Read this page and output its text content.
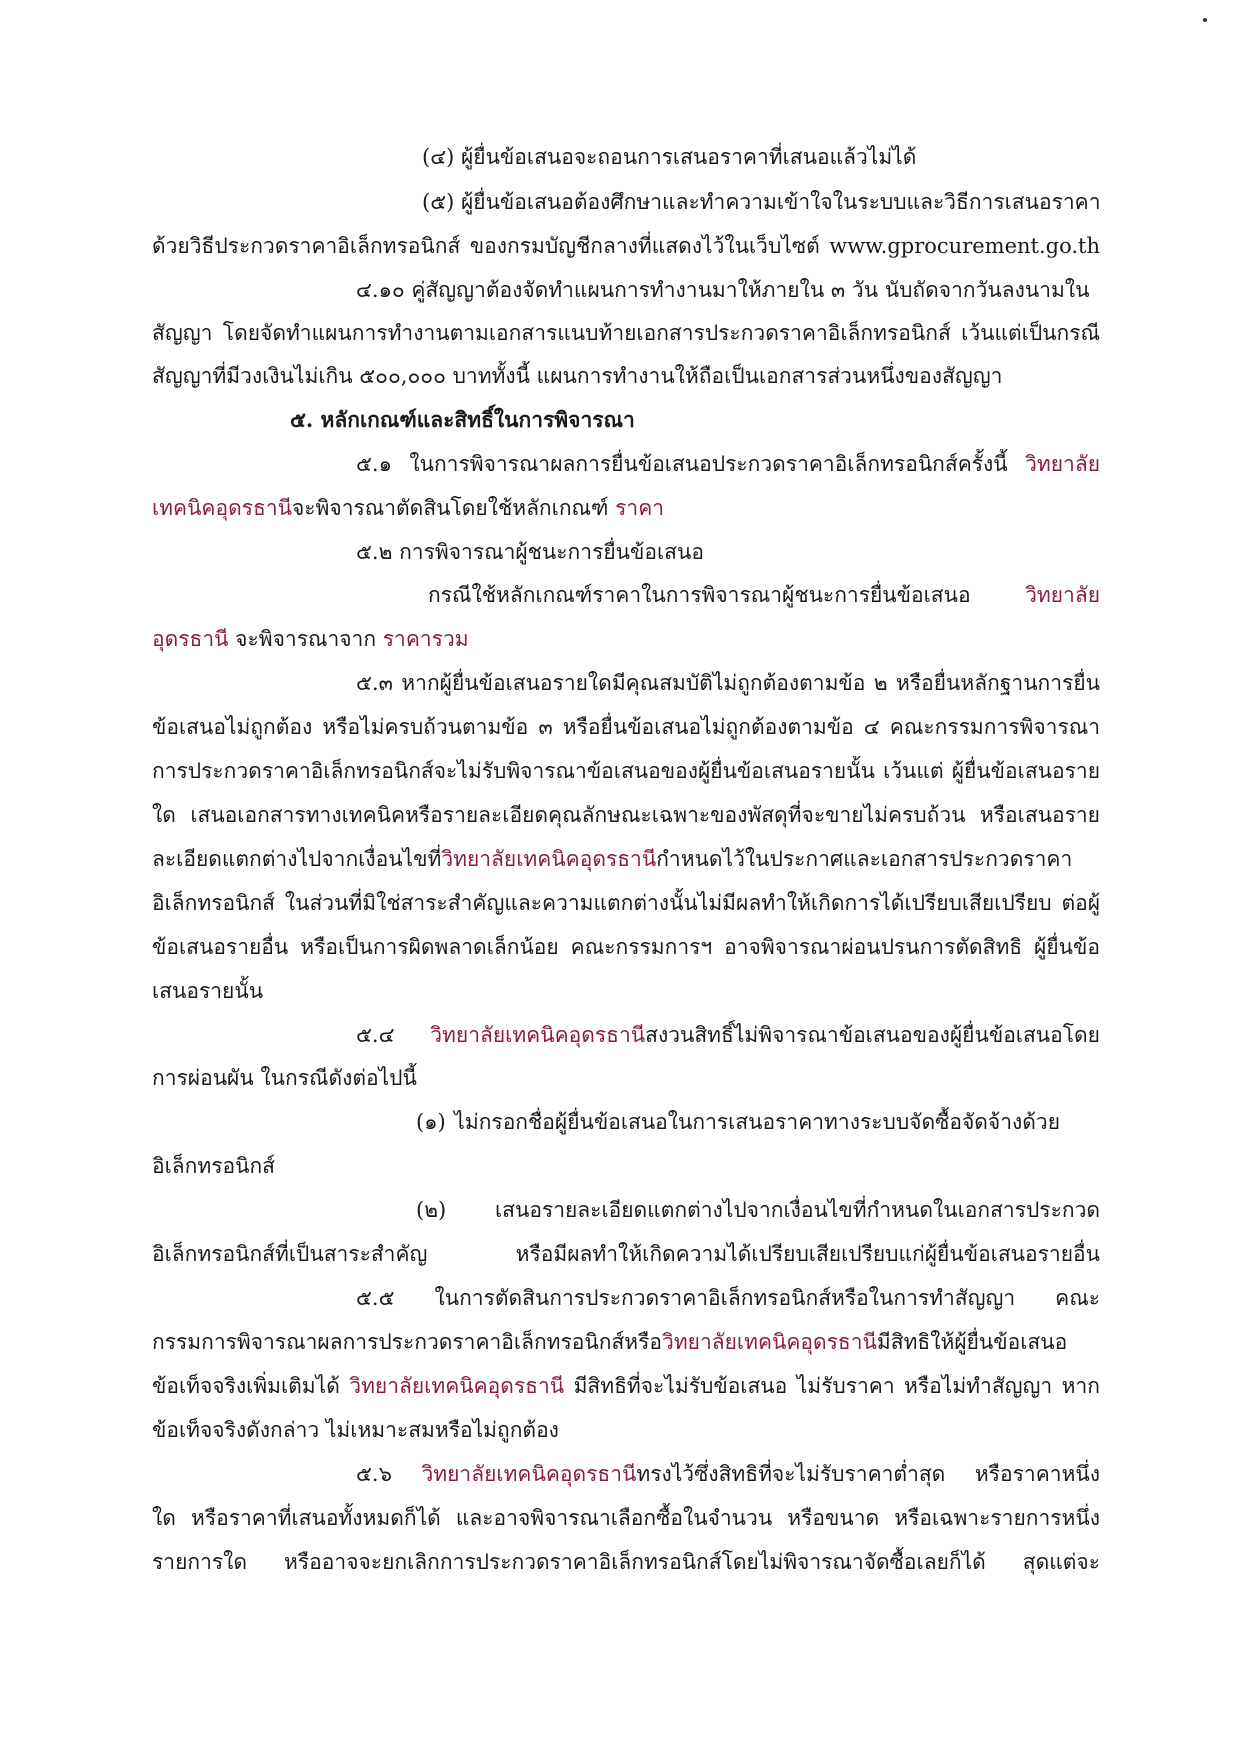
(๔) ผู้ยื่นข้อเสนอจะถอนการเสนอราคาที่เสนอแล้วไม่ได้
(๕) ผู้ยื่นข้อเสนอต้องศึกษาและทำความเข้าใจในระบบและวิธีการเสนอราคา
ด้วยวิธีประกวดราคาอิเล็กทรอนิกส์ ของกรมบัญชีกลางที่แสดงไว้ในเว็บไซต์ www.gprocurement.go.th
๔.๑๐ คู่สัญญาต้องจัดทำแผนการทำงานมาให้ภายใน ๓ วัน นับถัดจากวันลงนามใน
สัญญา โดยจัดทำแผนการทำงานตามเอกสารแนบท้ายเอกสารประกวดราคาอิเล็กทรอนิกส์ เว้นแต่เป็นกรณี
สัญญาที่มีวงเงินไม่เกิน ๕๐๐,๐๐๐ บาททั้งนี้ แผนการทำงานให้ถือเป็นเอกสารส่วนหนึ่งของสัญญา
๕. หลักเกณฑ์และสิทธิ์ในการพิจารณา
๕.๑ ในการพิจารณาผลการยื่นข้อเสนอประกวดราคาอิเล็กทรอนิกส์ครั้งนี้ วิทยาลัย
เทคนิคอุดรธานีจะพิจารณาตัดสินโดยใช้หลักเกณฑ์ ราคา
๕.๒ การพิจารณาผู้ชนะการยื่นข้อเสนอ
กรณีใช้หลักเกณฑ์ราคาในการพิจารณาผู้ชนะการยื่นข้อเสนอ วิทยาลัย
อุดรธานี จะพิจารณาจาก ราคารวม
๕.๓ หากผู้ยื่นข้อเสนอรายใดมีคุณสมบัติไม่ถูกต้องตามข้อ ๒ หรือยื่นหลักฐานการยื่น
ข้อเสนอไม่ถูกต้อง หรือไม่ครบถ้วนตามข้อ ๓ หรือยื่นข้อเสนอไม่ถูกต้องตามข้อ ๔ คณะกรรมการพิจารณา
การประกวดราคาอิเล็กทรอนิกส์จะไม่รับพิจารณาข้อเสนอของผู้ยื่นข้อเสนอรายนั้น เว้นแต่ ผู้ยื่นข้อเสนอราย
ใด เสนอเอกสารทางเทคนิคหรือรายละเอียดคุณลักษณะเฉพาะของพัสดุที่จะขายไม่ครบถ้วน หรือเสนอราย
ละเอียดแตกต่างไปจากเงื่อนไขที่วิทยาลัยเทคนิคอุดรธานีกำหนดไว้ในประกาศและเอกสารประกวดราคา
อิเล็กทรอนิกส์ ในส่วนที่มิใช่สาระสำคัญและความแตกต่างนั้นไม่มีผลทำให้เกิดการได้เปรียบเสียเปรียบ ต่อผู้
ข้อเสนอรายอื่น หรือเป็นการผิดพลาดเล็กน้อย คณะกรรมการฯ อาจพิจารณาผ่อนปรนการตัดสิทธิ ผู้ยื่นข้อ
เสนอรายนั้น
๕.๔ วิทยาลัยเทคนิคอุดรธานีสงวนสิทธิ์ไม่พิจารณาข้อเสนอของผู้ยื่นข้อเสนอโดย
การผ่อนผัน ในกรณีดังต่อไปนี้
(๑) ไม่กรอกชื่อผู้ยื่นข้อเสนอในการเสนอราคาทางระบบจัดซื้อจัดจ้างด้วย
อิเล็กทรอนิกส์
(๒) เสนอรายละเอียดแตกต่างไปจากเงื่อนไขที่กำหนดในเอกสารประกวด
อิเล็กทรอนิกส์ที่เป็นสาระสำคัญ หรือมีผลทำให้เกิดความได้เปรียบเสียเปรียบแก่ผู้ยื่นข้อเสนอรายอื่น
๕.๕ ในการตัดสินการประกวดราคาอิเล็กทรอนิกส์หรือในการทำสัญญา คณะ
กรรมการพิจารณาผลการประกวดราคาอิเล็กทรอนิกส์หรือวิทยาลัยเทคนิคอุดรธานีมีสิทธิให้ผู้ยื่นข้อเสนอ
ข้อเท็จจริงเพิ่มเติมได้ วิทยาลัยเทคนิคอุดรธานี มีสิทธิที่จะไม่รับข้อเสนอ ไม่รับราคา หรือไม่ทำสัญญา หาก
ข้อเท็จจริงดังกล่าว ไม่เหมาะสมหรือไม่ถูกต้อง
๕.๖ วิทยาลัยเทคนิคอุดรธานีทรงไว้ซึ่งสิทธิที่จะไม่รับราคาต่ำสุด หรือราคาหนึ่ง
ใด หรือราคาที่เสนอทั้งหมดก็ได้ และอาจพิจารณาเลือกซื้อในจำนวน หรือขนาด หรือเฉพาะรายการหนึ่ง
รายการใด หรืออาจจะยกเลิกการประกวดราคาอิเล็กทรอนิกส์โดยไม่พิจารณาจัดซื้อเลยก็ได้ สุดแต่จะ
